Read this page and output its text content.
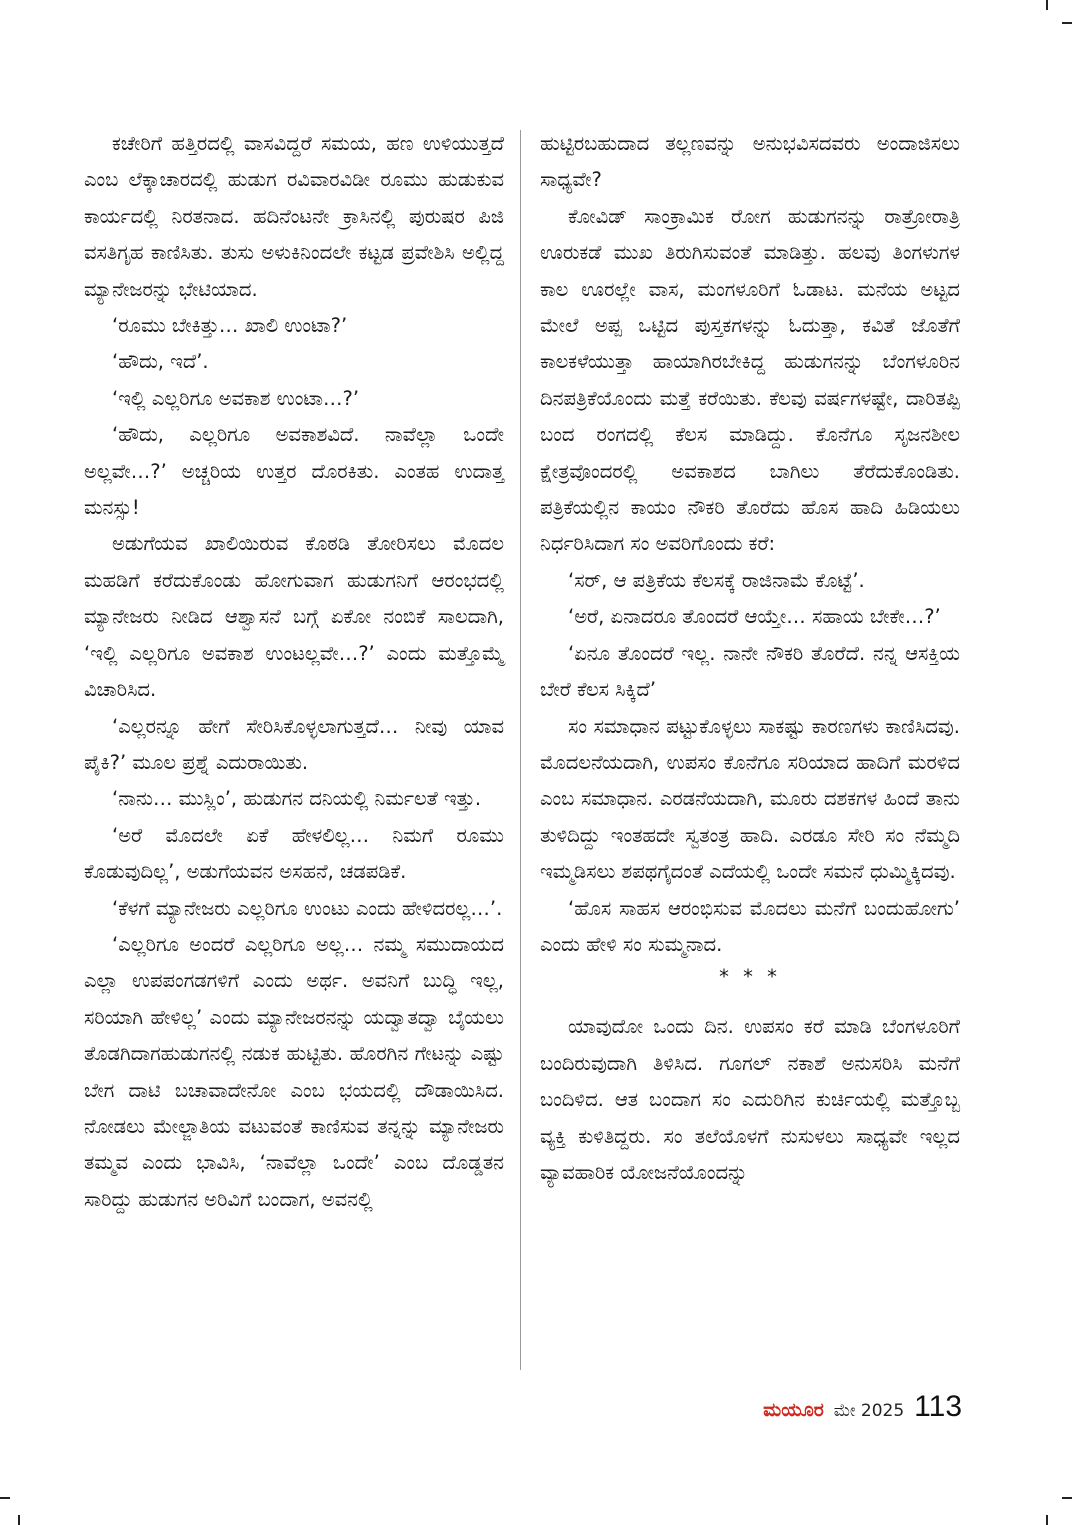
ಕಚೇರಿಗೆ ಹತ್ತಿರದಲ್ಲಿ ವಾಸವಿದ್ದರೆ ಸಮಯ, ಹಣ ಉಳಿಯುತ್ತದೆ ಎಂಬ ಲೆಕ್ಕಾಚಾರದಲ್ಲಿ ಹುಡುಗ ರವಿವಾರವಿಡೀ ರೂಮು ಹುಡುಕುವ ಕಾರ್ಯದಲ್ಲಿ ನಿರತನಾದ. ಹದಿನೆಂಟನೇ ಕ್ರಾಸಿನಲ್ಲಿ ಪುರುಷರ ಪಿಜಿ ವಸತಿಗೃಹ ಕಾಣಿಸಿತು. ತುಸು ಅಳುಕಿನಿಂದಲೇ ಕಟ್ಟಡ ಪ್ರವೇಶಿಸಿ ಅಲ್ಲಿದ್ದ ಮ್ಯಾನೇಜರನ್ನು ಭೇಟಿಯಾದ.

‘ರೂಮು ಬೇಕಿತ್ತು… ಖಾಲಿ ಉಂಟಾ?’

‘ಹೌದು, ಇದೆ’.

‘ಇಲ್ಲಿ ಎಲ್ಲರಿಗೂ ಅವಕಾಶ ಉಂಟಾ…?’

‘ಹೌದು, ಎಲ್ಲರಿಗೂ ಅವಕಾಶವಿದೆ. ನಾವೆಲ್ಲಾ ಒಂದೇ ಅಲ್ಲವೇ…?’ ಅಚ್ಚರಿಯ ಉತ್ತರ ದೊರಕಿತು. ಎಂತಹ ಉದಾತ್ತ ಮನಸ್ಸು!

ಅಡುಗೆಯವ ಖಾಲಿಯಿರುವ ಕೊಠಡಿ ತೋರಿಸಲು ಮೊದಲ ಮಹಡಿಗೆ ಕರೆದುಕೊಂಡು ಹೋಗುವಾಗ ಹುಡುಗನಿಗೆ ಆರಂಭದಲ್ಲಿ ಮ್ಯಾನೇಜರು ನೀಡಿದ ಆಶ್ವಾಸನೆ ಬಗ್ಗೆ ಏಕೋ ನಂಬಿಕೆ ಸಾಲದಾಗಿ, ‘ಇಲ್ಲಿ ಎಲ್ಲರಿಗೂ ಅವಕಾಶ ಉಂಟಲ್ಲವೇ…?’ ಎಂದು ಮತ್ತೊಮ್ಮೆ ವಿಚಾರಿಸಿದ.

‘ಎಲ್ಲರನ್ನೂ ಹೇಗೆ ಸೇರಿಸಿಕೊಳ್ಳಲಾಗುತ್ತದೆ… ನೀವು ಯಾವ ಪೈಕಿ?’ ಮೂಲ ಪ್ರಶ್ನೆ ಎದುರಾಯಿತು.

‘ನಾನು… ಮುಸ್ಲಿಂ’, ಹುಡುಗನ ದನಿಯಲ್ಲಿ ನಿರ್ಮಲತೆ ಇತ್ತು.

‘ಅರೆ ಮೊದಲೇ ಏಕೆ ಹೇಳಲಿಲ್ಲ… ನಿಮಗೆ ರೂಮು ಕೊಡುವುದಿಲ್ಲ’, ಅಡುಗೆಯವನ ಅಸಹನೆ, ಚಡಪಡಿಕೆ.

‘ಕೆಳಗೆ ಮ್ಯಾನೇಜರು ಎಲ್ಲರಿಗೂ ಉಂಟು ಎಂದು ಹೇಳಿದರಲ್ಲ…’.

‘ಎಲ್ಲರಿಗೂ ಅಂದರೆ ಎಲ್ಲರಿಗೂ ಅಲ್ಲ… ನಮ್ಮ ಸಮುದಾಯದ ಎಲ್ಲಾ ಉಪಪಂಗಡಗಳಿಗೆ ಎಂದು ಅರ್ಥ. ಅವನಿಗೆ ಬುದ್ಧಿ ಇಲ್ಲ, ಸರಿಯಾಗಿ ಹೇಳಿಲ್ಲ’ ಎಂದು ಮ್ಯಾನೇಜರನನ್ನು ಯದ್ವಾತದ್ವಾ ಬೈಯಲು ತೊಡಗಿದಾಗಹುಡುಗನಲ್ಲಿ ನಡುಕ ಹುಟ್ಟಿತು. ಹೊರಗಿನ ಗೇಟನ್ನು ಎಷ್ಟು ಬೇಗ ದಾಟಿ ಬಚಾವಾದೇನೋ ಎಂಬ ಭಯದಲ್ಲಿ ದೌಡಾಯಿಸಿದ. ನೋಡಲು ಮೇಲ್ಜಾತಿಯ ವಟುವಂತೆ ಕಾಣಿಸುವ ತನ್ನನ್ನು ಮ್ಯಾನೇಜರು ತಮ್ಮವ ಎಂದು ಭಾವಿಸಿ, ‘ನಾವೆಲ್ಲಾ ಒಂದೇ’ ಎಂಬ ದೊಡ್ಡತನ ಸಾರಿದ್ದು ಹುಡುಗನ ಅರಿವಿಗೆ ಬಂದಾಗ, ಅವನಲ್ಲಿ

ಹುಟ್ಟಿರಬಹುದಾದ ತಲ್ಲಣವನ್ನು ಅನುಭವಿಸದವರು ಅಂದಾಜಿಸಲು ಸಾಧ್ಯವೇ?

ಕೋವಿಡ್ ಸಾಂಕ್ರಾಮಿಕ ರೋಗ ಹುಡುಗನನ್ನು ರಾತ್ರೋರಾತ್ರಿ ಊರುಕಡೆ ಮುಖ ತಿರುಗಿಸುವಂತೆ ಮಾಡಿತ್ತು. ಹಲವು ತಿಂಗಳುಗಳ ಕಾಲ ಊರಲ್ಲೇ ವಾಸ, ಮಂಗಳೂರಿಗೆ ಓಡಾಟ. ಮನೆಯ ಅಟ್ಟದ ಮೇಲೆ ಅಪ್ಪ ಒಟ್ಟಿದ ಪುಸ್ತಕಗಳನ್ನು ಓದುತ್ತಾ, ಕವಿತೆ ಜೊತೆಗೆ ಕಾಲಕಳೆಯುತ್ತಾ ಹಾಯಾಗಿರಬೇಕಿದ್ದ ಹುಡುಗನನ್ನು ಬೆಂಗಳೂರಿನ ದಿನಪತ್ರಿಕೆಯೊಂದು ಮತ್ತೆ ಕರೆಯಿತು. ಕೆಲವು ವರ್ಷಗಳಷ್ಟೇ, ದಾರಿತಪ್ಪಿ ಬಂದ ರಂಗದಲ್ಲಿ ಕೆಲಸ ಮಾಡಿದ್ದು. ಕೊನೆಗೂ ಸೃಜನಶೀಲ ಕ್ಷೇತ್ರವೊಂದರಲ್ಲಿ ಅವಕಾಶದ ಬಾಗಿಲು ತೆರೆದುಕೊಂಡಿತು. ಪತ್ರಿಕೆಯಲ್ಲಿನ ಕಾಯಂ ನೌಕರಿ ತೊರೆದು ಹೊಸ ಹಾದಿ ಹಿಡಿಯಲು ನಿರ್ಧರಿಸಿದಾಗ ಸಂ ಅವರಿಗೊಂದು ಕರೆ:

‘ಸರ್, ಆ ಪತ್ರಿಕೆಯ ಕೆಲಸಕ್ಕೆ ರಾಜಿನಾಮೆ ಕೊಟ್ಟೆ’.

‘ಅರೆ, ಏನಾದರೂ ತೊಂದರೆ ಆಯ್ತೇ… ಸಹಾಯ ಬೇಕೇ…?’

‘ಏನೂ ತೊಂದರೆ ಇಲ್ಲ. ನಾನೇ ನೌಕರಿ ತೊರೆದೆ. ನನ್ನ ಆಸಕ್ತಿಯ ಬೇರೆ ಕೆಲಸ ಸಿಕ್ಕಿದೆ’

ಸಂ ಸಮಾಧಾನ ಪಟ್ಟುಕೊಳ್ಳಲು ಸಾಕಷ್ಟು ಕಾರಣಗಳು ಕಾಣಿಸಿದವು. ಮೊದಲನೆಯದಾಗಿ, ಉಪಸಂ ಕೊನೆಗೂ ಸರಿಯಾದ ಹಾದಿಗೆ ಮರಳಿದ ಎಂಬ ಸಮಾಧಾನ. ಎರಡನೆಯದಾಗಿ, ಮೂರು ದಶಕಗಳ ಹಿಂದೆ ತಾನು ತುಳಿದಿದ್ದು ಇಂತಹದೇ ಸ್ವತಂತ್ರ ಹಾದಿ. ಎರಡೂ ಸೇರಿ ಸಂ ನೆಮ್ಮದಿ ಇಮ್ಮಡಿಸಲು ಶಪಥಗೈದಂತೆ ಎದೆಯಲ್ಲಿ ಒಂದೇ ಸಮನೆ ಧುಮ್ಮಿಕ್ಕಿದವು.

‘ಹೊಸ ಸಾಹಸ ಆರಂಭಿಸುವ ಮೊದಲು ಮನೆಗೆ ಬಂದುಹೋಗು’ ಎಂದು ಹೇಳಿ ಸಂ ಸುಮ್ಮನಾದ.

* * *

ಯಾವುದೋ ಒಂದು ದಿನ. ಉಪಸಂ ಕರೆ ಮಾಡಿ ಬೆಂಗಳೂರಿಗೆ ಬಂದಿರುವುದಾಗಿ ತಿಳಿಸಿದ. ಗೂಗಲ್ ನಕಾಶೆ ಅನುಸರಿಸಿ ಮನೆಗೆ ಬಂದಿಳಿದ. ಆತ ಬಂದಾಗ ಸಂ ಎದುರಿಗಿನ ಕುರ್ಚಿಯಲ್ಲಿ ಮತ್ತೊಬ್ಬ ವ್ಯಕ್ತಿ ಕುಳಿತಿದ್ದರು. ಸಂ ತಲೆಯೊಳಗೆ ನುಸುಳಲು ಸಾಧ್ಯವೇ ಇಲ್ಲದ ವ್ಯಾವಹಾರಿಕ ಯೋಜನೆಯೊಂದನ್ನು

ಮಯೂರ ಮೇ 2025 113
